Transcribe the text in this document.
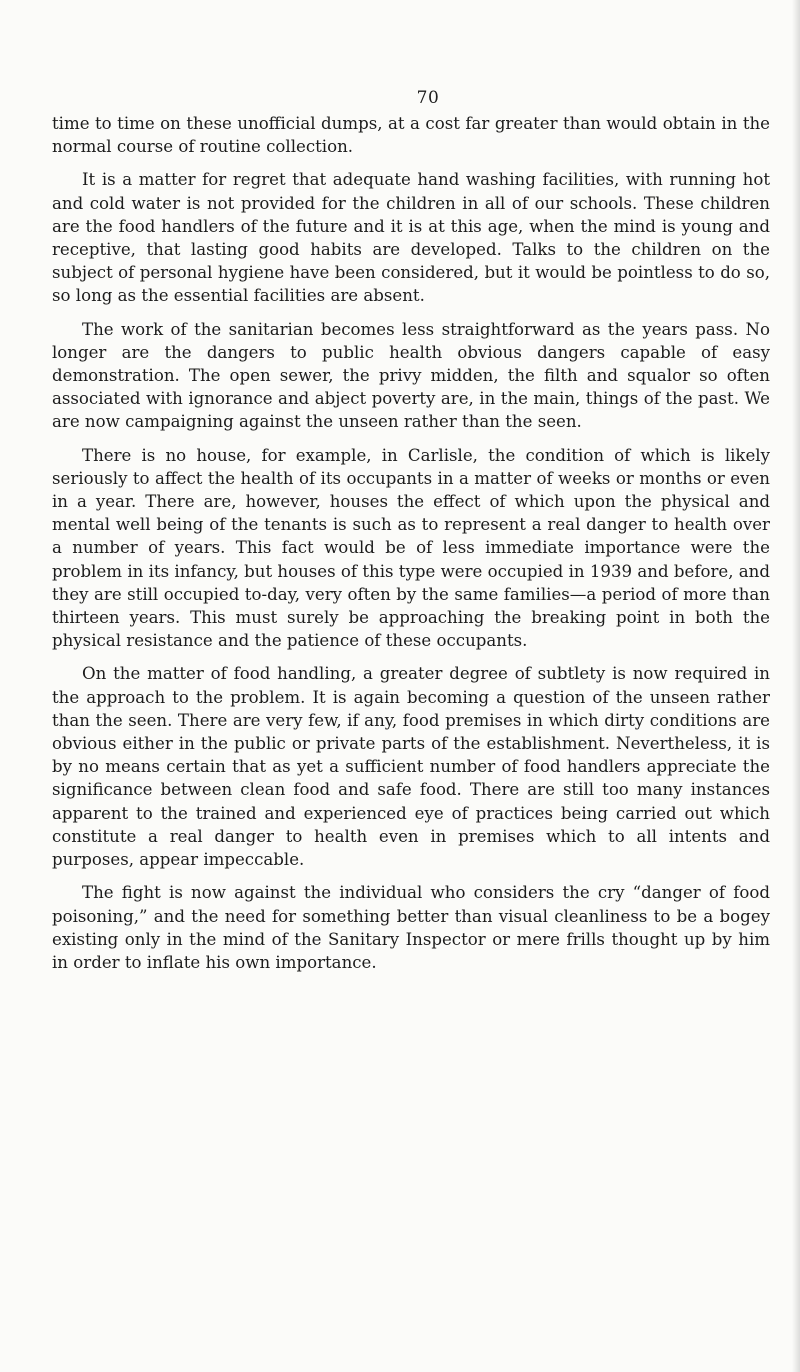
70

time to time on these unofficial dumps, at a cost far greater than would obtain in the normal course of routine collection.

It is a matter for regret that adequate hand washing facilities, with running hot and cold water is not provided for the children in all of our schools. These children are the food handlers of the future and it is at this age, when the mind is young and receptive, that lasting good habits are developed. Talks to the children on the subject of personal hygiene have been considered, but it would be pointless to do so, so long as the essential facilities are absent.

The work of the sanitarian becomes less straightforward as the years pass. No longer are the dangers to public health obvious dangers capable of easy demonstration. The open sewer, the privy midden, the filth and squalor so often associated with ignorance and abject poverty are, in the main, things of the past. We are now campaigning against the unseen rather than the seen.

There is no house, for example, in Carlisle, the condition of which is likely seriously to affect the health of its occupants in a matter of weeks or months or even in a year. There are, however, houses the effect of which upon the physical and mental well being of the tenants is such as to represent a real danger to health over a number of years. This fact would be of less immediate importance were the problem in its infancy, but houses of this type were occupied in 1939 and before, and they are still occupied to-day, very often by the same families—a period of more than thirteen years. This must surely be approaching the breaking point in both the physical resistance and the patience of these occupants.

On the matter of food handling, a greater degree of subtlety is now required in the approach to the problem. It is again becoming a question of the unseen rather than the seen. There are very few, if any, food premises in which dirty conditions are obvious either in the public or private parts of the establishment. Nevertheless, it is by no means certain that as yet a sufficient number of food handlers appreciate the significance between clean food and safe food. There are still too many instances apparent to the trained and experienced eye of practices being carried out which constitute a real danger to health even in premises which to all intents and purposes, appear impeccable.

The fight is now against the individual who considers the cry “danger of food poisoning,” and the need for something better than visual cleanliness to be a bogey existing only in the mind of the Sanitary Inspector or mere frills thought up by him in order to inflate his own importance.
